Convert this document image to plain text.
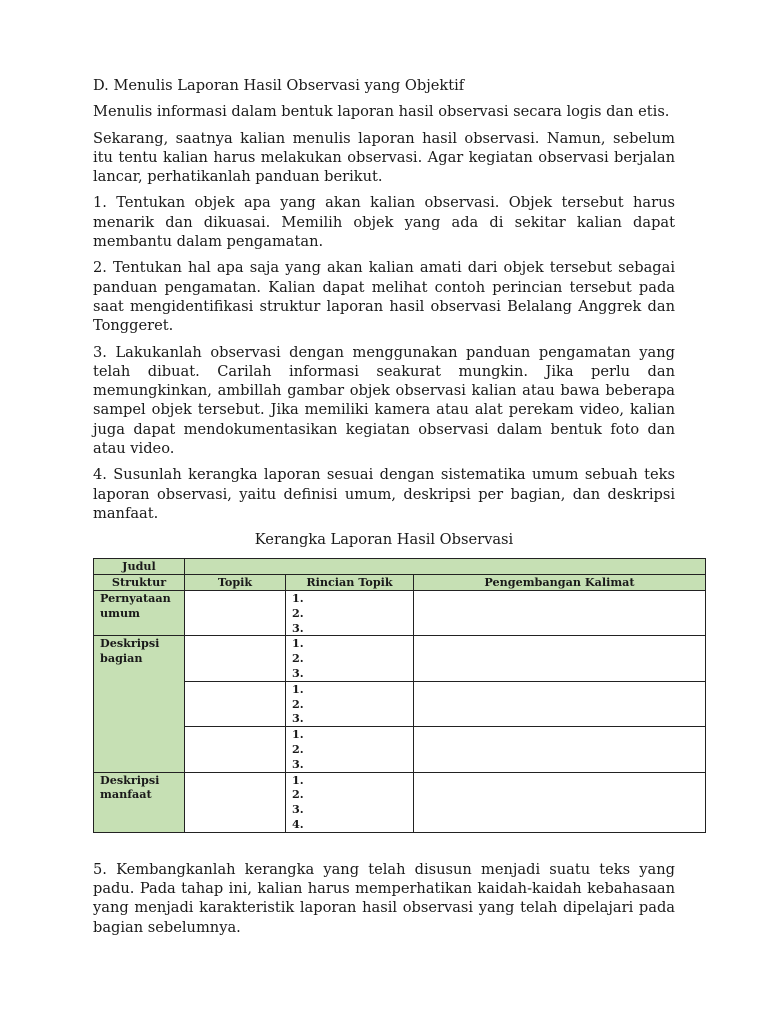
D. Menulis Laporan Hasil Observasi yang Objektif

Menulis informasi dalam bentuk laporan hasil observasi secara logis dan etis.

Sekarang, saatnya kalian menulis laporan hasil observasi. Namun, sebelum itu tentu kalian harus melakukan observasi. Agar kegiatan observasi berjalan lancar, perhatikanlah panduan berikut.

1. Tentukan objek apa yang akan kalian observasi. Objek tersebut harus menarik dan dikuasai. Memilih objek yang ada di sekitar kalian dapat membantu dalam pengamatan.

2. Tentukan hal apa saja yang akan kalian amati dari objek tersebut sebagai panduan pengamatan. Kalian dapat melihat contoh perincian tersebut pada saat mengidentifikasi struktur laporan hasil observasi Belalang Anggrek dan Tonggeret.

3. Lakukanlah observasi dengan menggunakan panduan pengamatan yang telah dibuat. Carilah informasi seakurat mungkin. Jika perlu dan memungkinkan, ambillah gambar objek observasi kalian atau bawa beberapa sampel objek tersebut. Jika memiliki kamera atau alat perekam video, kalian juga dapat mendokumentasikan kegiatan observasi dalam bentuk foto dan atau video.

4. Susunlah kerangka laporan sesuai dengan sistematika umum sebuah teks laporan observasi, yaitu definisi umum, deskripsi per bagian, dan deskripsi manfaat.

Kerangka Laporan Hasil Observasi
Judul			
Struktur	Topik	Rincian Topik	Pengembangan Kalimat
Pernyataan umum		1.
2.
3.	

Deskripsi bagian		1.
2.
3.	

		1.
2.
3.	

		1.
2.
3.	

Deskripsi manfaat		1.
2.
3.
4.	

5. Kembangkanlah kerangka yang telah disusun menjadi suatu teks yang padu. Pada tahap ini, kalian harus memperhatikan kaidah-kaidah kebahasaan yang menjadi karakteristik laporan hasil observasi yang telah dipelajari pada bagian sebelumnya.
